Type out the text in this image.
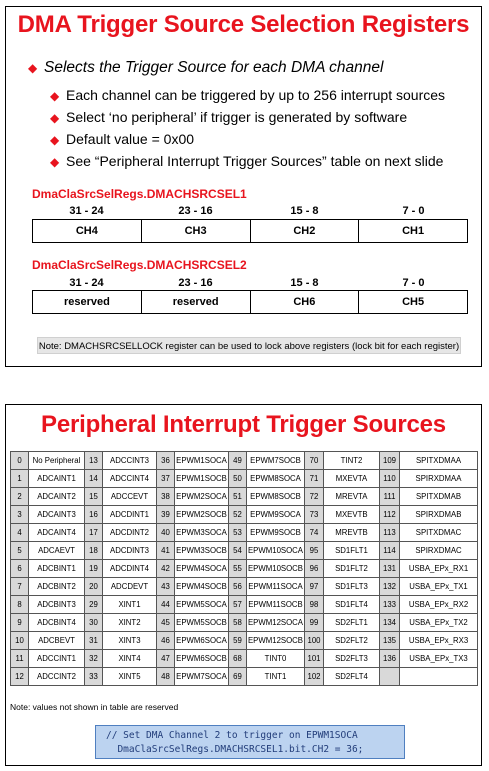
DMA Trigger Source Selection Registers
◆ Selects the Trigger Source for each DMA channel
◆ Each channel can be triggered by up to 256 interrupt sources
◆ Select ‘no peripheral’ if trigger is generated by software
◆ Default value = 0x00
◆ See “Peripheral Interrupt Trigger Sources” table on next slide
DmaClaSrcSelRegs.DMACHSRCSEL1
31 - 24	23 - 16	15 - 8	7 - 0
CH4	CH3	CH2	CH1
DmaClaSrcSelRegs.DMACHSRCSEL2
31 - 24	23 - 16	15 - 8	7 - 0
reserved	reserved	CH6	CH5
Note: DMACHSRCSELLOCK register can be used to lock above registers (lock bit for each register)
Peripheral Interrupt Trigger Sources
0	No Peripheral	13	ADCCINT3	36	EPWM1SOCA	49	EPWM7SOCB	70	TINT2	109	SPITXDMAA
1	ADCAINT1	14	ADCCINT4	37	EPWM1SOCB	50	EPWM8SOCA	71	MXEVTA	110	SPIRXDMAA
2	ADCAINT2	15	ADCCEVT	38	EPWM2SOCA	51	EPWM8SOCB	72	MREVTA	111	SPITXDMAB
3	ADCAINT3	16	ADCDINT1	39	EPWM2SOCB	52	EPWM9SOCA	73	MXEVTB	112	SPIRXDMAB
4	ADCAINT4	17	ADCDINT2	40	EPWM3SOCA	53	EPWM9SOCB	74	MREVTB	113	SPITXDMAC
5	ADCAEVT	18	ADCDINT3	41	EPWM3SOCB	54	EPWM10SOCA	95	SD1FLT1	114	SPIRXDMAC
6	ADCBINT1	19	ADCDINT4	42	EPWM4SOCA	55	EPWM10SOCB	96	SD1FLT2	131	USBA_EPx_RX1
7	ADCBINT2	20	ADCDEVT	43	EPWM4SOCB	56	EPWM11SOCA	97	SD1FLT3	132	USBA_EPx_TX1
8	ADCBINT3	29	XINT1	44	EPWM5SOCA	57	EPWM11SOCB	98	SD1FLT4	133	USBA_EPx_RX2
9	ADCBINT4	30	XINT2	45	EPWM5SOCB	58	EPWM12SOCA	99	SD2FLT1	134	USBA_EPx_TX2
10	ADCBEVT	31	XINT3	46	EPWM6SOCA	59	EPWM12SOCB	100	SD2FLT2	135	USBA_EPx_RX3
11	ADCCINT1	32	XINT4	47	EPWM6SOCB	68	TINT0	101	SD2FLT3	136	USBA_EPx_TX3
12	ADCCINT2	33	XINT5	48	EPWM7SOCA	69	TINT1	102	SD2FLT4		
Note: values not shown in table are reserved
// Set DMA Channel 2 to trigger on EPWM1SOCA
DmaClaSrcSelRegs.DMACHSRCSEL1.bit.CH2 = 36;
